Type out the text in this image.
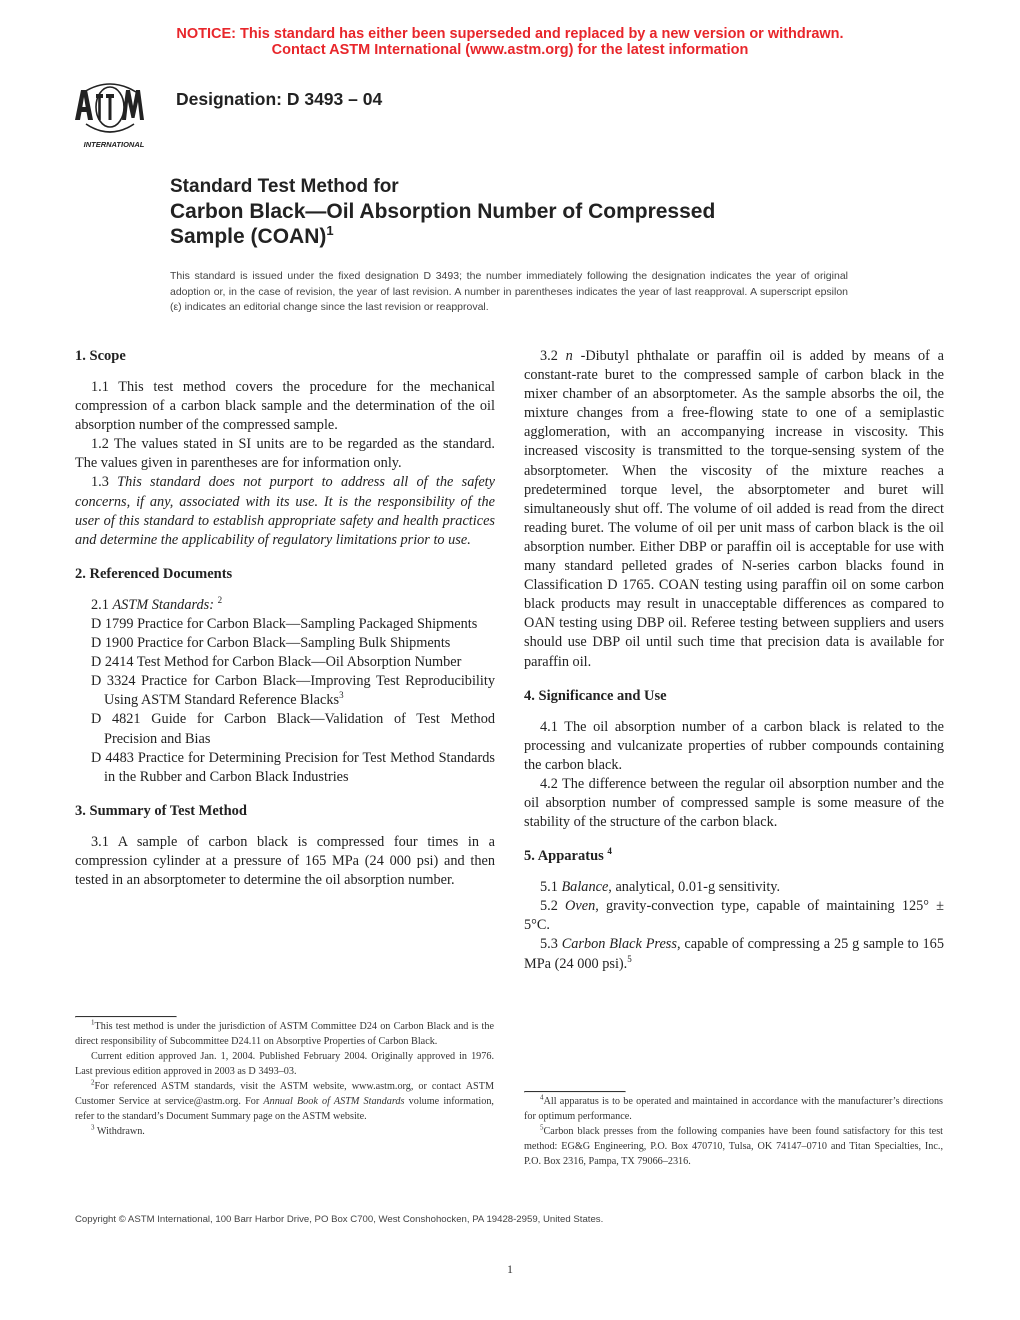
NOTICE: This standard has either been superseded and replaced by a new version or withdrawn.
Contact ASTM International (www.astm.org) for the latest information
INTERNATIONAL
Designation: D 3493 – 04
Standard Test Method for
Carbon Black—Oil Absorption Number of Compressed
Sample (COAN)$^1$
This standard is issued under the fixed designation D 3493; the number immediately following the designation indicates the year of original adoption or, in the case of revision, the year of last revision. A number in parentheses indicates the year of last reapproval. A superscript epsilon (ε) indicates an editorial change since the last revision or reapproval.
1. Scope

1.1 This test method covers the procedure for the mechanical compression of a carbon black sample and the determination of the oil absorption number of the compressed sample.

1.2 The values stated in SI units are to be regarded as the standard. The values given in parentheses are for information only.

1.3 This standard does not purport to address all of the safety concerns, if any, associated with its use. It is the responsibility of the user of this standard to establish appropriate safety and health practices and determine the applicability of regulatory limitations prior to use.

2. Referenced Documents

2.1 ASTM Standards: $^2$

D 1799 Practice for Carbon Black—Sampling Packaged Shipments

D 1900 Practice for Carbon Black—Sampling Bulk Shipments

D 2414 Test Method for Carbon Black—Oil Absorption Number

D 3324 Practice for Carbon Black—Improving Test Reproducibility Using ASTM Standard Reference Blacks$^3$

D 4821 Guide for Carbon Black—Validation of Test Method Precision and Bias

D 4483 Practice for Determining Precision for Test Method Standards in the Rubber and Carbon Black Industries

3. Summary of Test Method

3.1 A sample of carbon black is compressed four times in a compression cylinder at a pressure of 165 MPa (24 000 psi) and then tested in an absorptometer to determine the oil absorption number.

3.2 n -Dibutyl phthalate or paraffin oil is added by means of a constant-rate buret to the compressed sample of carbon black in the mixer chamber of an absorptometer. As the sample absorbs the oil, the mixture changes from a free-flowing state to one of a semiplastic agglomeration, with an accompanying increase in viscosity. This increased viscosity is transmitted to the torque-sensing system of the absorptometer. When the viscosity of the mixture reaches a predetermined torque level, the absorptometer and buret will simultaneously shut off. The volume of oil added is read from the direct reading buret. The volume of oil per unit mass of carbon black is the oil absorption number. Either DBP or paraffin oil is acceptable for use with many standard pelleted grades of N-series carbon blacks found in Classification D 1765. COAN testing using paraffin oil on some carbon black products may result in unacceptable differences as compared to OAN testing using DBP oil. Referee testing between suppliers and users should use DBP oil until such time that precision data is available for paraffin oil.

4. Significance and Use

4.1 The oil absorption number of a carbon black is related to the processing and vulcanizate properties of rubber compounds containing the carbon black.

4.2 The difference between the regular oil absorption number and the oil absorption number of compressed sample is some measure of the stability of the structure of the carbon black.

5. Apparatus $^4$

5.1 Balance, analytical, 0.01-g sensitivity.

5.2 Oven, gravity-convection type, capable of maintaining 125° ± 5°C.

5.3 Carbon Black Press, capable of compressing a 25 g sample to 165 MPa (24 000 psi).$^5$

$^1$This test method is under the jurisdiction of ASTM Committee D24 on Carbon Black and is the direct responsibility of Subcommittee D24.11 on Absorptive Properties of Carbon Black.

Current edition approved Jan. 1, 2004. Published February 2004. Originally approved in 1976. Last previous edition approved in 2003 as D 3493–03.

$^2$For referenced ASTM standards, visit the ASTM website, www.astm.org, or contact ASTM Customer Service at service@astm.org. For Annual Book of ASTM Standards volume information, refer to the standard’s Document Summary page on the ASTM website.

$^3$ Withdrawn.

$^4$All apparatus is to be operated and maintained in accordance with the manufacturer’s directions for optimum performance.

$^5$Carbon black presses from the following companies have been found satisfactory for this test method: EG&G Engineering, P.O. Box 470710, Tulsa, OK 74147–0710 and Titan Specialties, Inc., P.O. Box 2316, Pampa, TX 79066–2316.

Copyright © ASTM International, 100 Barr Harbor Drive, PO Box C700, West Conshohocken, PA 19428-2959, United States.
1
